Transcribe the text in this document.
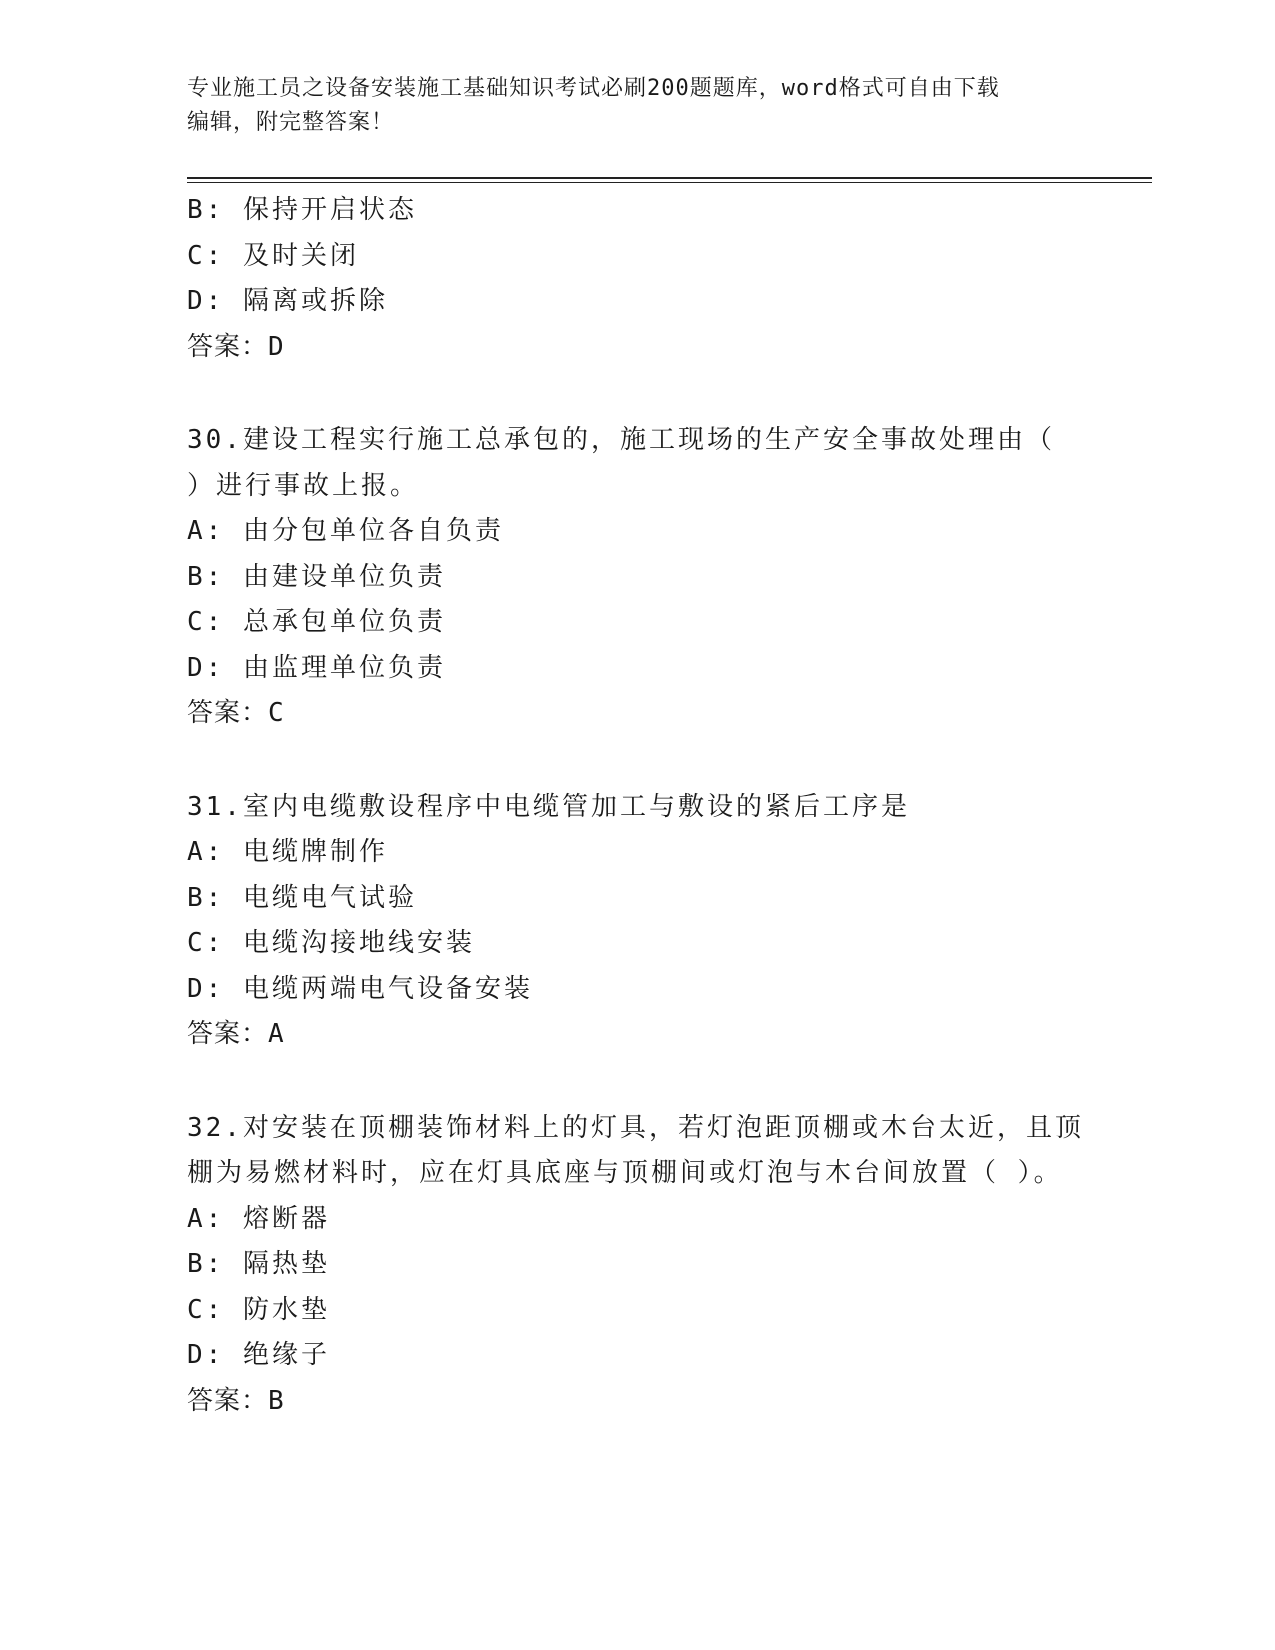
专业施工员之设备安装施工基础知识考试必刷200题题库，word格式可自由下载
编辑，附完整答案！
B: 保持开启状态
C: 及时关闭
D: 隔离或拆除
答案：D
30.建设工程实行施工总承包的，施工现场的生产安全事故处理由（
）进行事故上报。
A: 由分包单位各自负责
B: 由建设单位负责
C: 总承包单位负责
D: 由监理单位负责
答案：C
31.室内电缆敷设程序中电缆管加工与敷设的紧后工序是
A: 电缆牌制作
B: 电缆电气试验
C: 电缆沟接地线安装
D: 电缆两端电气设备安装
答案：A
32.对安装在顶棚装饰材料上的灯具，若灯泡距顶棚或木台太近，且顶
棚为易燃材料时，应在灯具底座与顶棚间或灯泡与木台间放置（ ）。
A: 熔断器
B: 隔热垫
C: 防水垫
D: 绝缘子
答案：B
